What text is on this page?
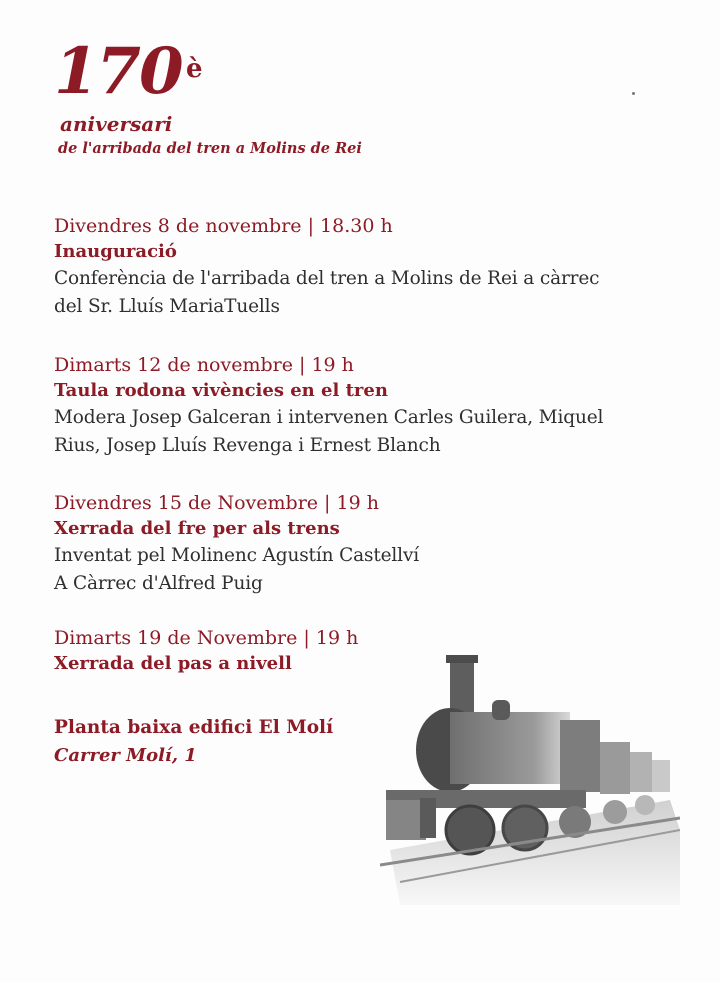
170 è
aniversari
de l'arribada del tren a Molins de Rei
Divendres 8 de novembre | 18.30 h
Inauguració
Conferència de l'arribada del tren a Molins de Rei a càrrec
del Sr. Lluís MariaTuells
Dimarts 12 de novembre | 19 h
Taula rodona vivències en el tren
Modera Josep Galceran i intervenen Carles Guilera, Miquel
Rius, Josep Lluís Revenga i Ernest Blanch
Divendres 15 de Novembre | 19 h
Xerrada del fre per als trens
Inventat pel Molinenc Agustín Castellví
A Càrrec d'Alfred Puig
Dimarts 19 de Novembre | 19 h
Xerrada del pas a nivell
Planta baixa edifici El Molí
Carrer Molí, 1
